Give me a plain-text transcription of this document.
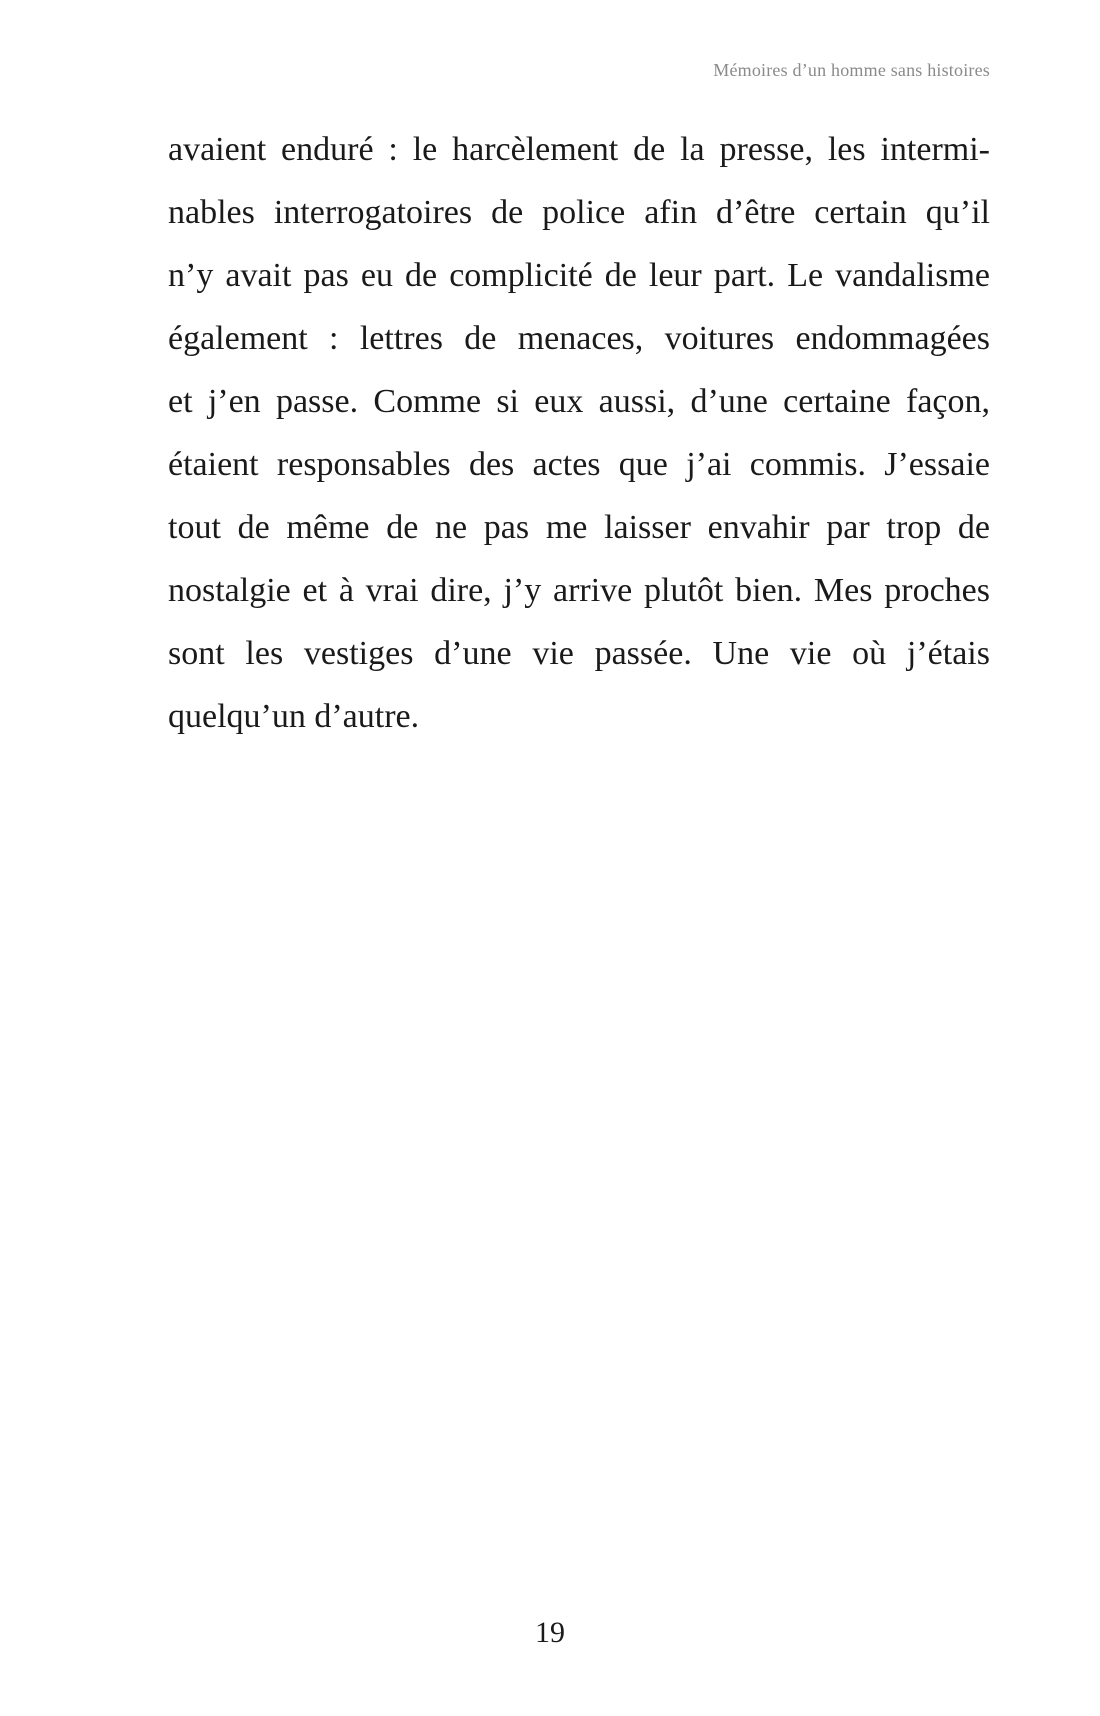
Mémoires d’un homme sans histoires
avaient enduré : le harcèlement de la presse, les intermi-
nables interrogatoires de police afin d’être certain qu’il
n’y avait pas eu de complicité de leur part. Le vandalisme
également : lettres de menaces, voitures endommagées
et j’en passe. Comme si eux aussi, d’une certaine façon,
étaient responsables des actes que j’ai commis. J’essaie
tout de même de ne pas me laisser envahir par trop de
nostalgie et à vrai dire, j’y arrive plutôt bien. Mes proches
sont les vestiges d’une vie passée. Une vie où j’étais
quelqu’un d’autre.
19
